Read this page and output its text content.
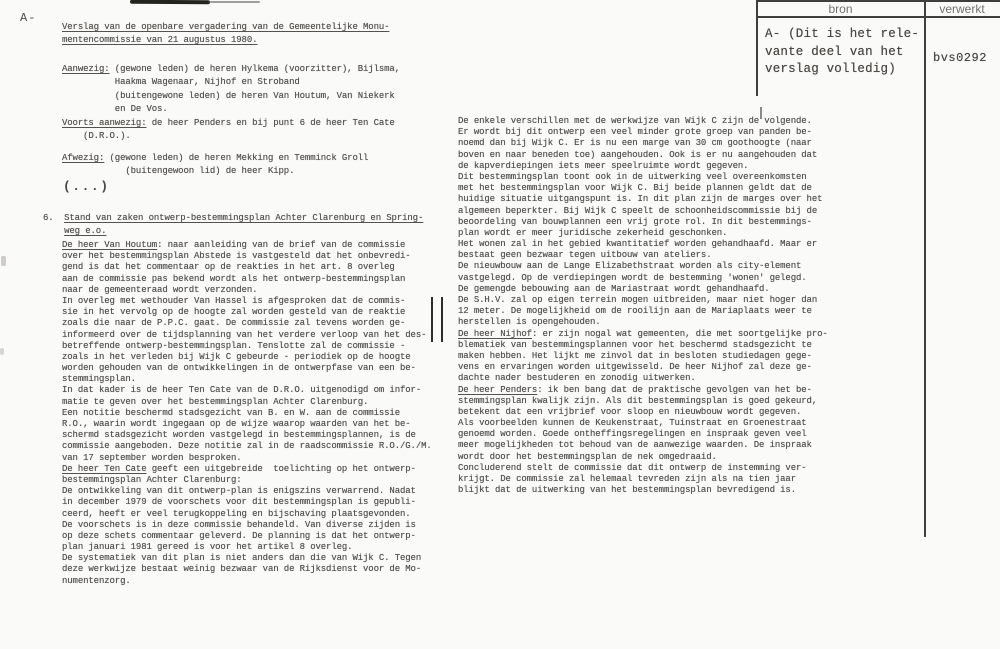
A-
bron	verwerkt
A- (Dit is het rele-
vante deel van het
verslag volledig)
bvs0292
Verslag van de openbare vergadering van de Gemeentelijke Monu-
mentencommissie van 21 augustus 1980.
Aanwezig: (gewone leden) de heren Hylkema (voorzitter), Bijlsma,
Haakma Wagenaar, Nijhof en Stroband
(buitengewone leden) de heren Van Houtum, Van Niekerk
en De Vos.
Voorts aanwezig: de heer Penders en bij punt 6 de heer Ten Cate
(D.R.O.).
Afwezig: (gewone leden) de heren Mekking en Temminck Groll
(buitengewoon lid) de heer Kipp.
(...)
6.  Stand van zaken ontwerp-bestemmingsplan Achter Clarenburg en Spring-
weg e.o.
De heer Van Houtum: naar aanleiding van de brief van de commissie
over het bestemmingsplan Abstede is vastgesteld dat het onbevredi-
gend is dat het commentaar op de reakties in het art. 8 overleg
aan de commissie pas bekend wordt als het ontwerp-bestemmingsplan
naar de gemeenteraad wordt verzonden.
In overleg met wethouder Van Hassel is afgesproken dat de commis-
sie in het vervolg op de hoogte zal worden gesteld van de reaktie
zoals die naar de P.P.C. gaat. De commissie zal tevens worden ge-
informeerd over de tijdsplanning van het verdere verloop van het des-
betreffende ontwerp-bestemmingsplan. Tenslotte zal de commissie -
zoals in het verleden bij Wijk C gebeurde - periodiek op de hoogte
worden gehouden van de ontwikkelingen in de ontwerpfase van een be-
stemmingsplan.
In dat kader is de heer Ten Cate van de D.R.O. uitgenodigd om infor-
matie te geven over het bestemmingsplan Achter Clarenburg.
Een notitie beschermd stadsgezicht van B. en W. aan de commissie
R.O., waarin wordt ingegaan op de wijze waarop waarden van het be-
schermd stadsgezicht worden vastgelegd in bestemmingsplannen, is de
commissie aangeboden. Deze notitie zal in de raadscommissie R.O./G./M.
van 17 september worden besproken.
De heer Ten Cate geeft een uitgebreide  toelichting op het ontwerp-
bestemmingsplan Achter Clarenburg:
De ontwikkeling van dit ontwerp-plan is enigszins verwarrend. Nadat
in december 1979 de voorschets voor dit bestemmingsplan is gepubli-
ceerd, heeft er veel terugkoppeling en bijschaving plaatsgevonden.
De voorschets is in deze commissie behandeld. Van diverse zijden is
op deze schets commentaar geleverd. De planning is dat het ontwerp-
plan januari 1981 gereed is voor het artikel 8 overleg.
De systematiek van dit plan is niet anders dan die van Wijk C. Tegen
deze werkwijze bestaat weinig bezwaar van de Rijksdienst voor de Mo-
numentenzorg.
De enkele verschillen met de werkwijze van Wijk C zijn de volgende.
Er wordt bij dit ontwerp een veel minder grote groep van panden be-
noemd dan bij Wijk C. Er is nu een marge van 30 cm goothoogte (naar
boven en naar beneden toe) aangehouden. Ook is er nu aangehouden dat
de kapverdiepingen iets meer speelruimte wordt gegeven.
Dit bestemmingsplan toont ook in de uitwerking veel overeenkomsten
met het bestemmingsplan voor Wijk C. Bij beide plannen geldt dat de
huidige situatie uitgangspunt is. In dit plan zijn de marges over het
algemeen beperkter. Bij Wijk C speelt de schoonheidscommissie bij de
beoordeling van bouwplannen een vrij grote rol. In dit bestemmings-
plan wordt er meer juridische zekerheid geschonken.
Het wonen zal in het gebied kwantitatief worden gehandhaafd. Maar er
bestaat geen bezwaar tegen uitbouw van ateliers.
De nieuwbouw aan de Lange Elizabethstraat worden als city-element
vastgelegd. Op de verdiepingen wordt de bestemming 'wonen' gelegd.
De gemengde bebouwing aan de Mariastraat wordt gehandhaafd.
De S.H.V. zal op eigen terrein mogen uitbreiden, maar niet hoger dan
12 meter. De mogelijkheid om de rooilijn aan de Mariaplaats weer te
herstellen is opengehouden.
De heer Nijhof: er zijn nogal wat gemeenten, die met soortgelijke pro-
blematiek van bestemmingsplannen voor het beschermd stadsgezicht te
maken hebben. Het lijkt me zinvol dat in besloten studiedagen gege-
vens en ervaringen worden uitgewisseld. De heer Nijhof zal deze ge-
dachte nader bestuderen en zonodig uitwerken.
De heer Penders: ik ben bang dat de praktische gevolgen van het be-
stemmingsplan kwalijk zijn. Als dit bestemmingsplan is goed gekeurd,
betekent dat een vrijbrief voor sloop en nieuwbouw wordt gegeven.
Als voorbeelden kunnen de Keukenstraat, Tuinstraat en Groenestraat
genoemd worden. Goede ontheffingsregelingen en inspraak geven veel
meer mogelijkheden tot behoud van de aanwezige waarden. De inspraak
wordt door het bestemmingsplan de nek omgedraaid.
Concluderend stelt de commissie dat dit ontwerp de instemming ver-
krijgt. De commissie zal helemaal tevreden zijn als na tien jaar
blijkt dat de uitwerking van het bestemmingsplan bevredigend is.
